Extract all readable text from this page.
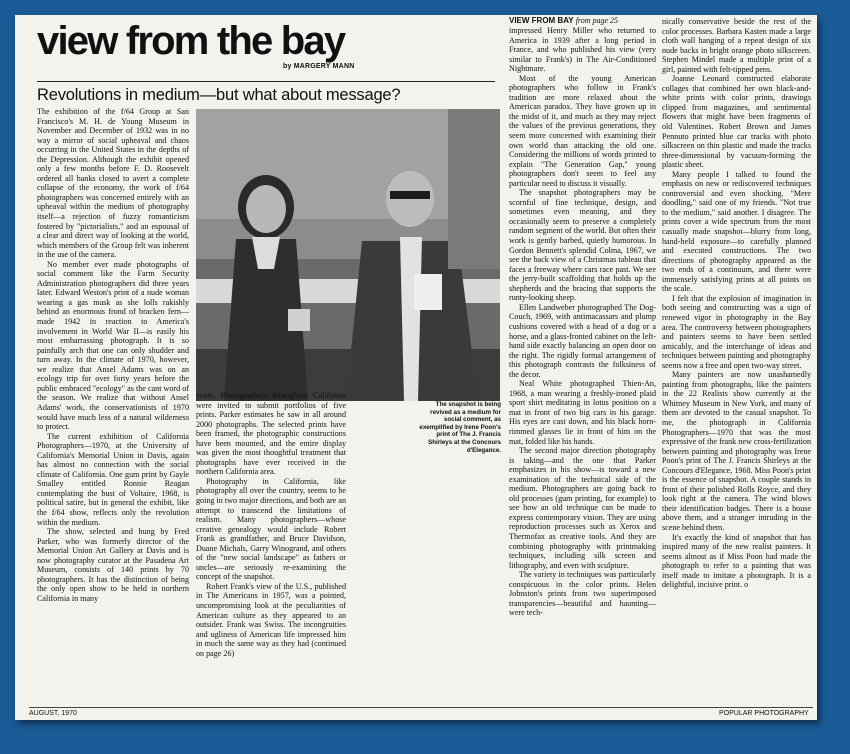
view from the bay
by MARGERY MANN
Revolutions in medium—but what about message?

The exhibition of the f/64 Group at San Francisco's M. H. de Young Museum in November and December of 1932 was in no way a mirror of social upheaval and chaos occurring in the United States in the depths of the Depression. Although the exhibit opened only a few months before F. D. Roosevelt ordered all banks closed to avert a complete collapse of the economy, the work of f/64 photographers was concerned entirely with an upheaval within the medium of photography itself—a rejection of fuzzy romanticism fostered by "pictorialists," and an espousal of a clear and direct way of looking at the world, which members of the Group felt was inherent in the use of the camera.

No member ever made photographs of social comment like the Farm Security Administration photographers did three years later. Edward Weston's print of a nude woman wearing a gas mask as she lolls rakishly behind an enormous frond of bracken fern—made 1942 in reaction to America's involvement in World War II—is easily his most embarrassing photograph. It is so painfully arch that one can only shudder and turn away. In the climate of 1970, however, we realize that Ansel Adams was on an ecology trip for over forty years before the public embraced "ecology" as the cant word of the season. We realize that without Ansel Adams' work, the conservationists of 1970 would have much less of a natural wilderness to protect.

The current exhibition of California Photographers—1970, at the University of California's Memorial Union in Davis, again has almost no connection with the social climate of California. One gum print by Gayle Smalley entitled Ronnie Reagan contemplating the bust of Voltaire, 1968, is political satire, but in general the exhibit, like the f/64 show, reflects only the revolution within the medium.

The show, selected and hung by Fred Parker, who was formerly director of the Memorial Union Art Gallery at Davis and is now photography curator at the Pasadena Art Museum, consists of 140 prints by 70 photographers. It has the distinction of being the only open show to be held in northern California in many

The snapshot is being revived as a medium for social comment, as exemplified by Irene Poon's print of The J. Francis Shirleys at the Concours d'Elegance.

years. Photographers throughout California were invited to submit portfolios of five prints. Parker estimates he saw in all around 2000 photographs. The selected prints have been framed, the photographic constructions have been mounted, and the entire display was given the most thoughtful treatment that photographs have ever received in the northern California area.

Photography in California, like photography all over the country, seems to be going in two major directions, and both are an attempt to transcend the limitations of realism. Many photographers—whose creative genealogy would include Robert Frank as grandfather, and Bruce Davidson, Duane Michals, Garry Winogrand, and others of the "new social landscape" as fathers or uncles—are seriously re-examining the concept of the snapshot.

Robert Frank's view of the U.S., published in The Americans in 1957, was a pointed, uncompromising look at the peculiarities of American culture as they appeared to an outsider. Frank was Swiss. The incongruities and ugliness of American life impressed him in much the same way as they had (continued on page 26)

VIEW FROM BAY from page 25

impressed Henry Miller who returned to America in 1939 after a long period in France, and who published his view (very similar to Frank's) in The Air-Conditioned Nightmare.

Most of the young American photographers who follow in Frank's tradition are more relaxed about the American paradox. They have grown up in the midst of it, and much as they may reject the values of the previous generations, they seem more concerned with examining their own world than attacking the old one. Considering the millions of words printed to explain "The Generation Gap," young photographers don't seem to feel any particular need to discuss it visually.

The snapshot photographers may be scornful of fine technique, design, and sometimes even meaning, and they occasionally seem to preserve a completely random segment of the world. But often their work is gently barbed, quietly humorous. In Gordon Bennett's splendid Colma, 1967, we see the back view of a Christmas tableau that faces a freeway where cars race past. We see the jerry-built scaffolding that holds up the shepherds and the bracing that supports the runty-looking sheep.

Ellen Landweber photographed The Dog-Couch, 1969, with antimacassars and plump cushions covered with a head of a dog or a horse, and a glass-fronted cabinet on the left-hand side exactly balancing an open door on the right. The rigidly formal arrangement of this photograph contrasts the folksiness of the decor.

Neal White photographed Thien-An, 1968, a man wearing a freshly-ironed plaid sport shirt meditating in lotus position on a mat in front of two big cars in his garage. His eyes are cast down, and his black horn-rimmed glasses lie in front of him on the mat, folded like his hands.

The second major direction photography is taking—and the one that Parker emphasizes in his show—is toward a new examination of the technical side of the medium. Photographers are going back to old processes (gum printing, for example) to see how an old technique can be made to express contemporary vision. They are using reproduction processes such as Xerox and Thermofax as creative tools. And they are combining photography with printmaking techniques, including silk screen and lithography, and even with sculpture.

The variety in techniques was particularly conspicuous in the color prints. Helen Johnston's prints from two superimposed transparencies—beautiful and haunting—were tech-

nically conservative beside the rest of the color processes. Barbara Kasten made a large cloth wall hanging of a repeat design of six nude backs in bright orange photo silkscreen. Stephen Mindel made a multiple print of a girl, painted with felt-tipped pens.

Joanne Leonard constructed elaborate collages that combined her own black-and-white prints with color prints, drawings clipped from magazines, and sentimental flowers that might have been fragments of old Valentines. Robert Brown and James Pennuto printed blue car tracks with photo silkscreen on thin plastic and made the tracks three-dimensional by vacuum-forming the plastic sheet.

Many people I talked to found the emphasis on new or rediscovered techniques controversial and even shocking. "Mere doodling," said one of my friends. "Not true to the medium," said another. I disagree. The prints cover a wide spectrum from the most casually made snapshot—blurry from long, hand-held exposure—to carefully planned and executed constructions. The two directions of photography appeared as the two ends of a continuum, and there were immensely satisfying prints at all points on the scale.

I felt that the explosion of imagination in both seeing and constructing was a sign of renewed vigor in photography in the Bay area. The controversy between photographers and painters seems to have been settled amicably, and the interchange of ideas and techniques between painting and photography seems now a free and open two-way street.

Many painters are now unashamedly painting from photographs, like the painters in the 22 Realists show currently at the Whitney Museum in New York, and many of them are devoted to the casual snapshot. To me, the photograph in California Photographers—1970 that was the most expressive of the frank new cross-fertilization between painting and photography was Irene Poon's print of The J. Francis Shirleys at the Concours d'Elegance, 1968. Miss Poon's print is the essence of snapshot. A couple stands in front of their polished Rolls Royce, and they look right at the camera. The wind blows their identification badges. There is a house above them, and a stranger intruding in the scene behind them.

It's exactly the kind of snapshot that has inspired many of the new realist painters. It seems almost as if Miss Poon had made the photograph to refer to a painting that was itself made to imitate a photograph. It is a delightful, incisive print. o

AUGUST, 1970	POPULAR PHOTOGRAPHY
